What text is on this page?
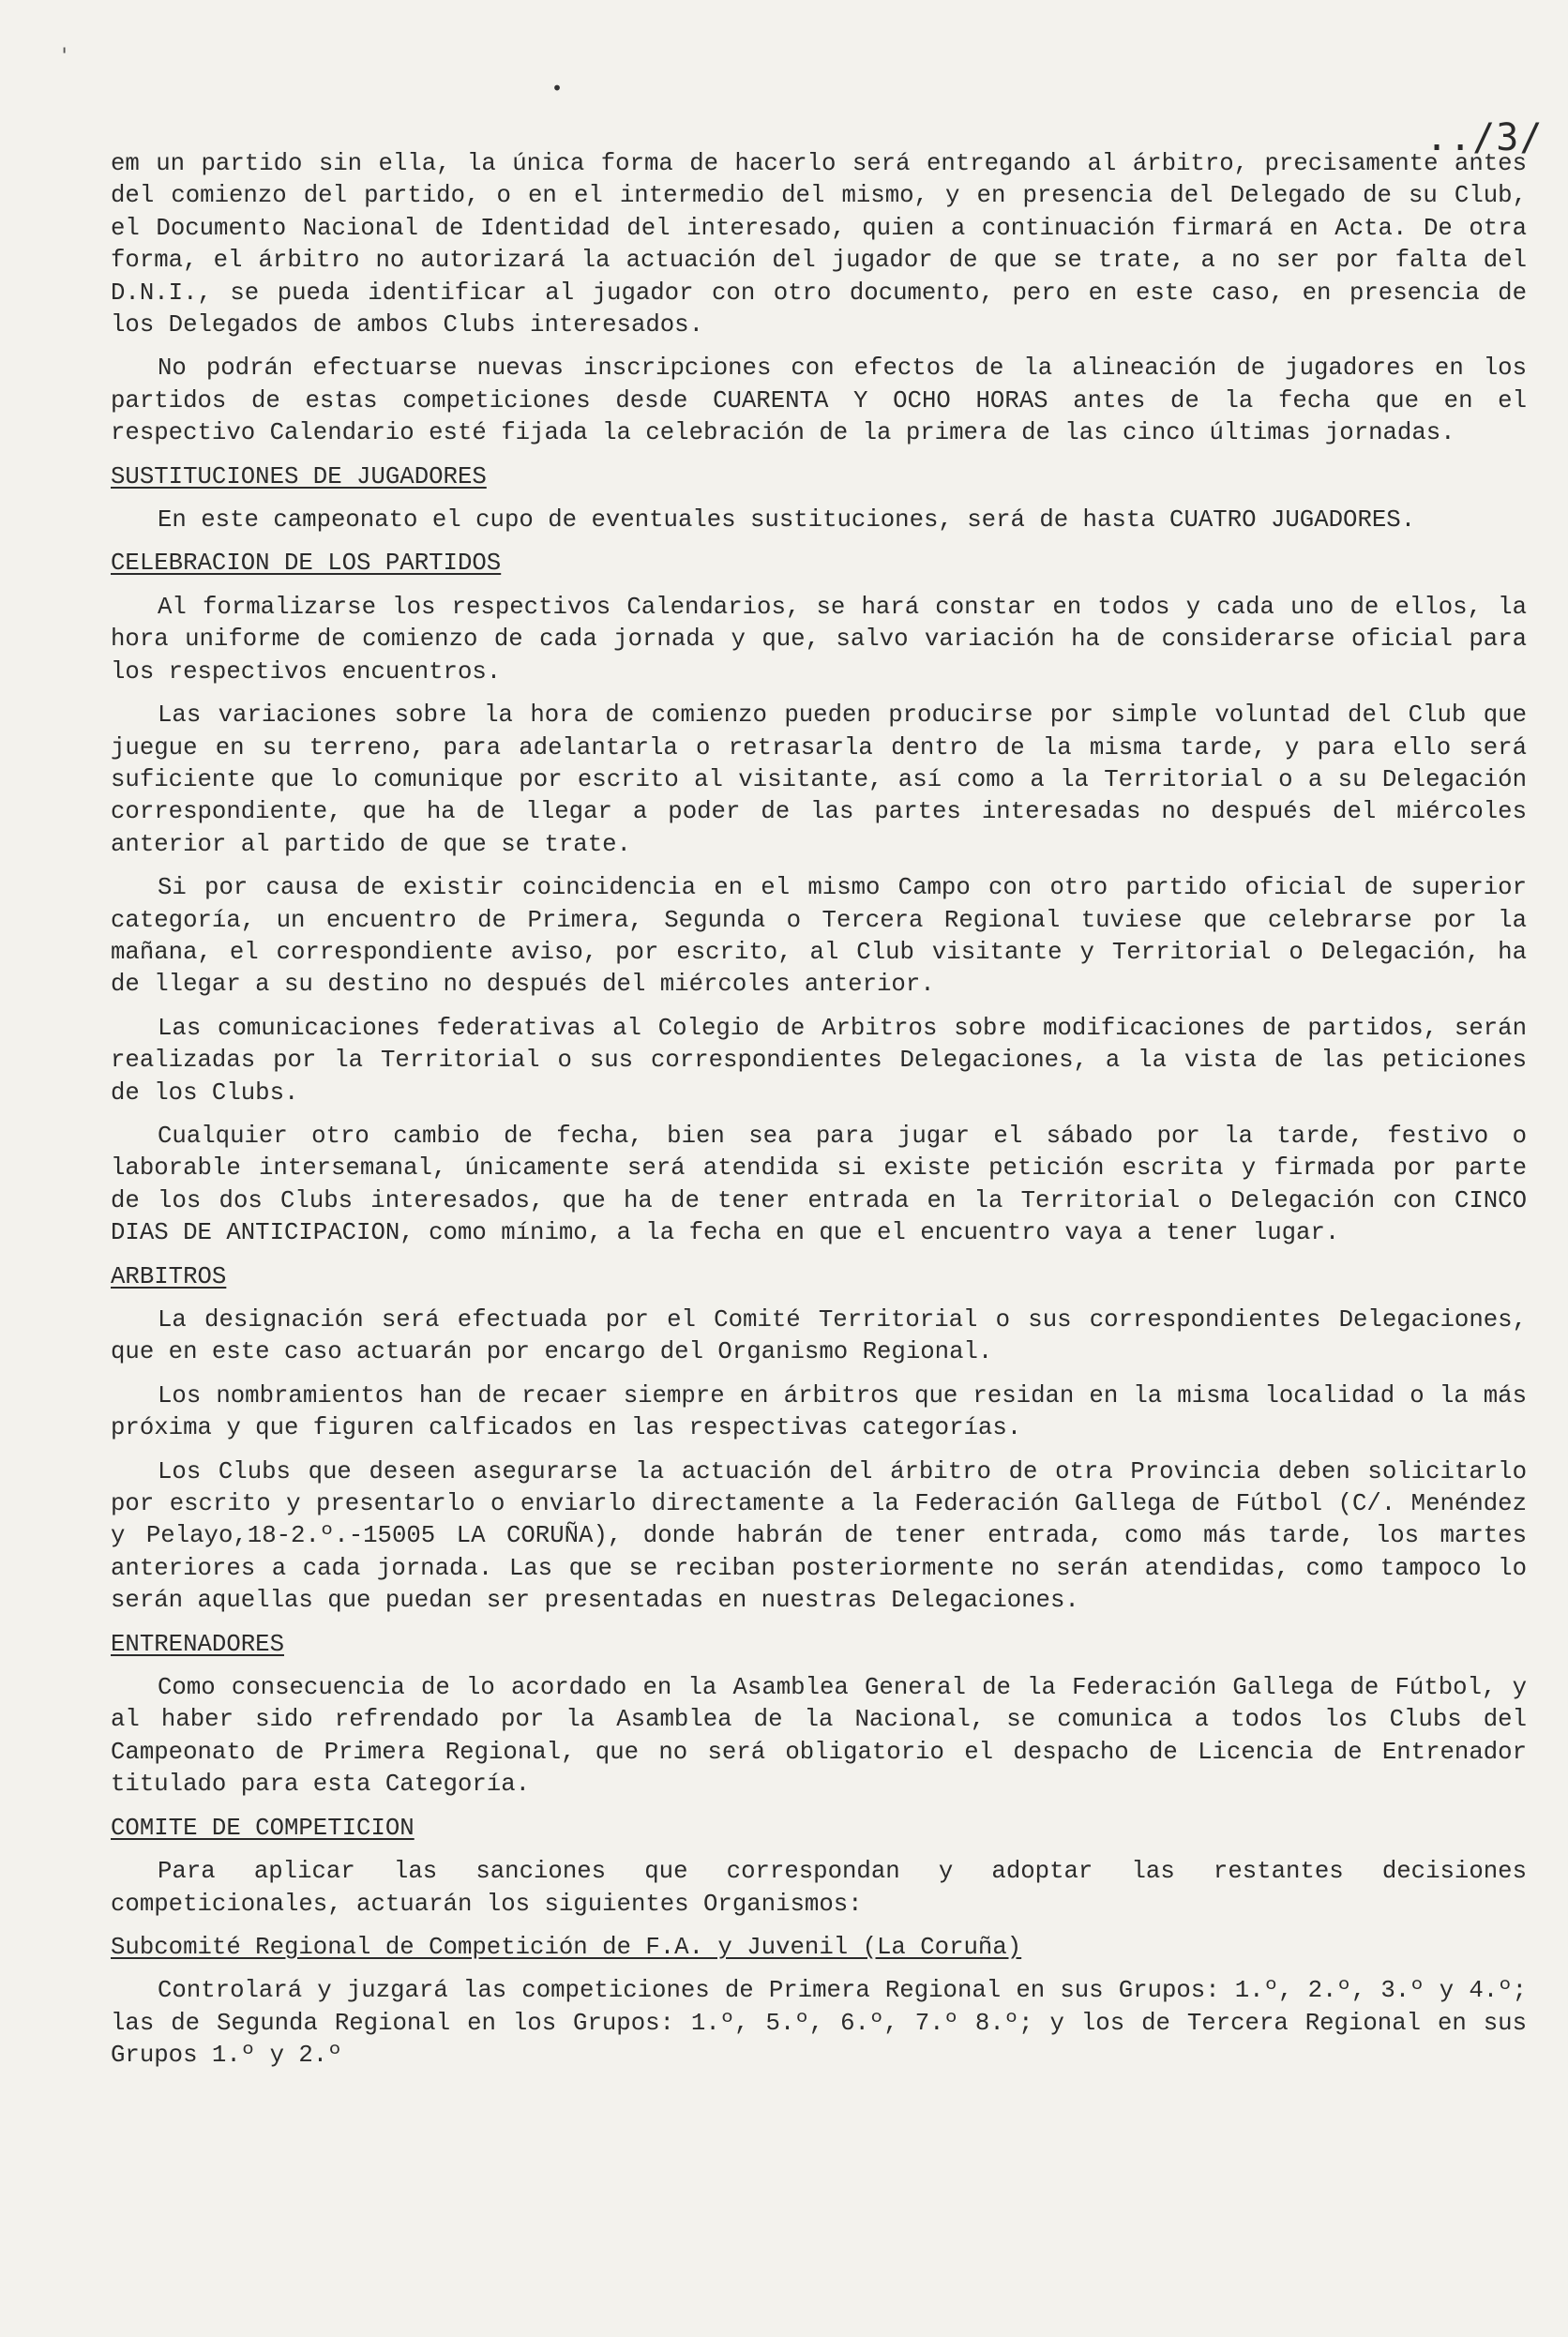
'
•
../3/

em un partido sin ella, la única forma de hacerlo será entregando al árbitro, precisamente antes del comienzo del partido, o en el intermedio del mismo, y en presencia del Delegado de su Club, el Documento Nacional de Identidad del interesado, quien a continuación firmará en Acta. De otra forma, el árbitro no autorizará la actuación del jugador de que se trate, a no ser por falta del D.N.I., se pueda identificar al jugador con otro documento, pero en este caso, en presencia de los Delegados de ambos Clubs interesados.

No podrán efectuarse nuevas inscripciones con efectos de la alineación de jugadores en los partidos de estas competiciones desde CUARENTA Y OCHO HORAS antes de la fecha que en el respectivo Calendario esté fijada la celebración de la primera de las cinco últimas jornadas.

SUSTITUCIONES DE JUGADORES

En este campeonato el cupo de eventuales sustituciones, será de hasta CUATRO JUGADORES.

CELEBRACION DE LOS PARTIDOS

Al formalizarse los respectivos Calendarios, se hará constar en todos y cada uno de ellos, la hora uniforme de comienzo de cada jornada y que, salvo variación ha de considerarse oficial para los respectivos encuentros.

Las variaciones sobre la hora de comienzo pueden producirse por simple voluntad del Club que juegue en su terreno, para adelantarla o retrasarla dentro de la misma tarde, y para ello será suficiente que lo comunique por escrito al visitante, así como a la Territorial o a su Delegación correspondiente, que ha de llegar a poder de las partes interesadas no después del miércoles anterior al partido de que se trate.

Si por causa de existir coincidencia en el mismo Campo con otro partido oficial de superior categoría, un encuentro de Primera, Segunda o Tercera Regional tuviese que celebrarse por la mañana, el correspondiente aviso, por escrito, al Club visitante y Territorial o Delegación, ha de llegar a su destino no después del miércoles anterior.

Las comunicaciones federativas al Colegio de Arbitros sobre modificaciones de partidos, serán realizadas por la Territorial o sus correspondientes Delegaciones, a la vista de las peticiones de los Clubs.

Cualquier otro cambio de fecha, bien sea para jugar el sábado por la tarde, festivo o laborable intersemanal, únicamente será atendida si existe petición escrita y firmada por parte de los dos Clubs interesados, que ha de tener entrada en la Territorial o Delegación con CINCO DIAS DE ANTICIPACION, como mínimo, a la fecha en que el encuentro vaya a tener lugar.

ARBITROS

La designación será efectuada por el Comité Territorial o sus correspondientes Delegaciones, que en este caso actuarán por encargo del Organismo Regional.

Los nombramientos han de recaer siempre en árbitros que residan en la misma localidad o la más próxima y que figuren calficados en las respectivas categorías.

Los Clubs que deseen asegurarse la actuación del árbitro de otra Provincia deben solicitarlo por escrito y presentarlo o enviarlo directamente a la Federación Gallega de Fútbol (C/. Menéndez y Pelayo,18-2.º.-15005 LA CORUÑA), donde habrán de tener entrada, como más tarde, los martes anteriores a cada jornada. Las que se reciban posteriormente no serán atendidas, como tampoco lo serán aquellas que puedan ser presentadas en nuestras Delegaciones.

ENTRENADORES

Como consecuencia de lo acordado en la Asamblea General de la Federación Gallega de Fútbol, y al haber sido refrendado por la Asamblea de la Nacional, se comunica a todos los Clubs del Campeonato de Primera Regional, que no será obligatorio el despacho de Licencia de Entrenador titulado para esta Categoría.

COMITE DE COMPETICION

Para aplicar las sanciones que correspondan y adoptar las restantes decisiones competicionales, actuarán los siguientes Organismos:

Subcomité Regional de Competición de F.A. y Juvenil (La Coruña)

Controlará y juzgará las competiciones de Primera Regional en sus Grupos: 1.º, 2.º, 3.º y 4.º; las de Segunda Regional en los Grupos: 1.º, 5.º, 6.º, 7.º 8.º; y los de Tercera Regional en sus Grupos 1.º y 2.º
